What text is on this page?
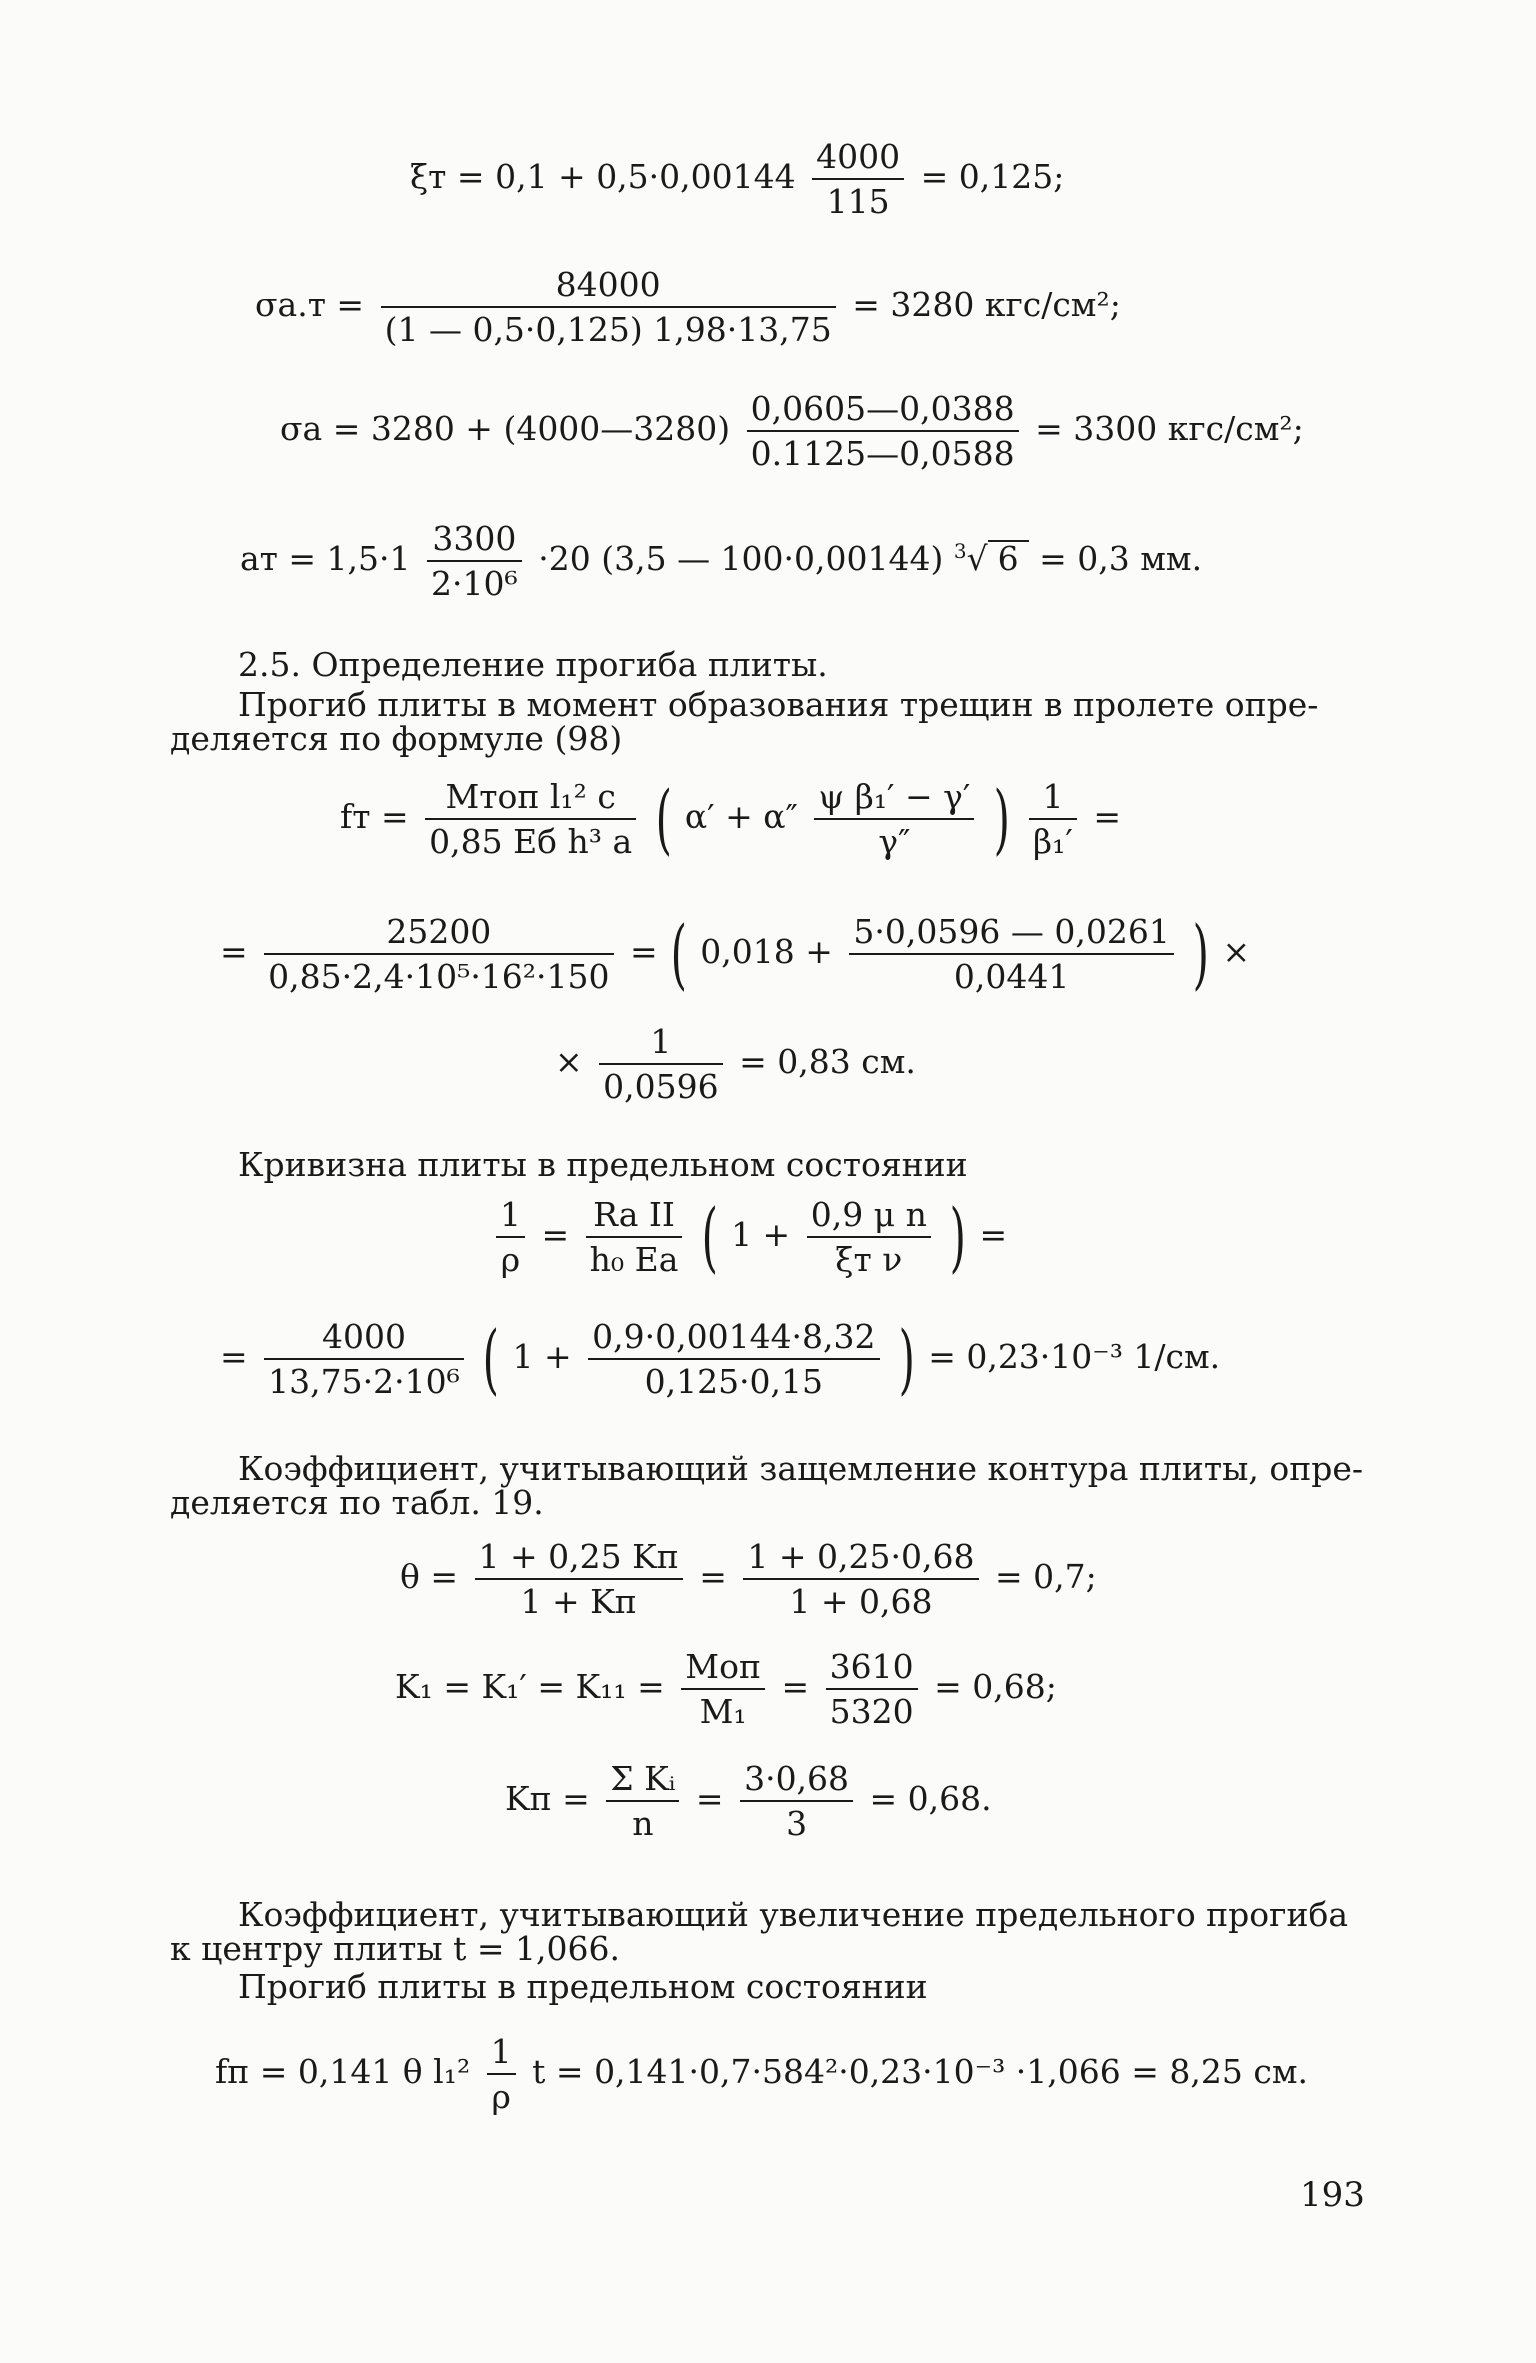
$\xi т = 0,1 + 0,5\cdot 0,00144 \frac{4000}{115} = 0,125$;
$\sigma а.т = \frac{84000}{(1 — 0,5\cdot 0,125) 1,98\cdot 13,75} = 3280$ кгс/см²;
σа = 3280 + (4000—3280) $\frac{0,0605—0,0388}{0.1125—0,0588} = 3300$ кгс/см²;
aт = $1,5\cdot 1 \frac{3300}{\text{2·10⁶}} \cdot 20$ (3,5 — 100·0,00144) $^3$√ 6 = 0,3 мм.
2.5. Определение прогиба плиты.
Прогиб плиты в момент образования трещин в пролете опре-
деляется по формуле (98)
fт = $\frac{\text{Mтоп l₁² c}}{\text{0,85 Eб h³ a}}$ ( $\alpha' + \alpha'' \frac{\text{ψ β₁′ − γ′}}{\gamma''}$ ) $\frac{1}{\text{β₁′}}$ =
= $\frac{25200}{\text{0,85·2,4·10⁵·16²·150}}$ = ( $0,018 + \frac{5\cdot 0,0596 — 0,0261}{0,0441}$ ) ×
× $\frac{1}{0,0596} = 0,83$ см.
Кривизна плиты в предельном состоянии
$\frac{1}{\rho} = \frac{\text{Ra II}}{\text{h₀ Ea}}$ ( $1 + \frac{\text{0,9 μ n}}{\text{ξт ν}}$ ) =
= $\frac{4000}{\text{13,75·2·10⁶}}$ ( $1 + \frac{0,9\cdot 0,00144\cdot 8,32}{0,125\cdot 0,15}$ ) = 0,23·10⁻³ 1/см.
Коэффициент, учитывающий защемление контура плиты, опре-
деляется по табл. 19.
$\theta = \frac{1 + 0,25 Kп}{1 + Kп} = \frac{1 + 0,25\cdot 0,68}{1 + 0,68} = 0,7$;
$K_1 = K_1' = K_{11} = \frac{\text{Mоп}}{\text{M₁}} = \frac{3610}{5320} = 0,68$;
Kп = $\frac{\text{Σ Kᵢ}}{n} = \frac{3\cdot 0,68}{3} = 0,68$.
Коэффициент, учитывающий увеличение предельного прогиба
к центру плиты t = 1,066.
Прогиб плиты в предельном состоянии
fп = 0,141 θ $l_1^2 \frac{1}{\rho}$ t = 0,141·0,7·584²·0,23·10⁻³ ·1,066 = 8,25 см.
193
